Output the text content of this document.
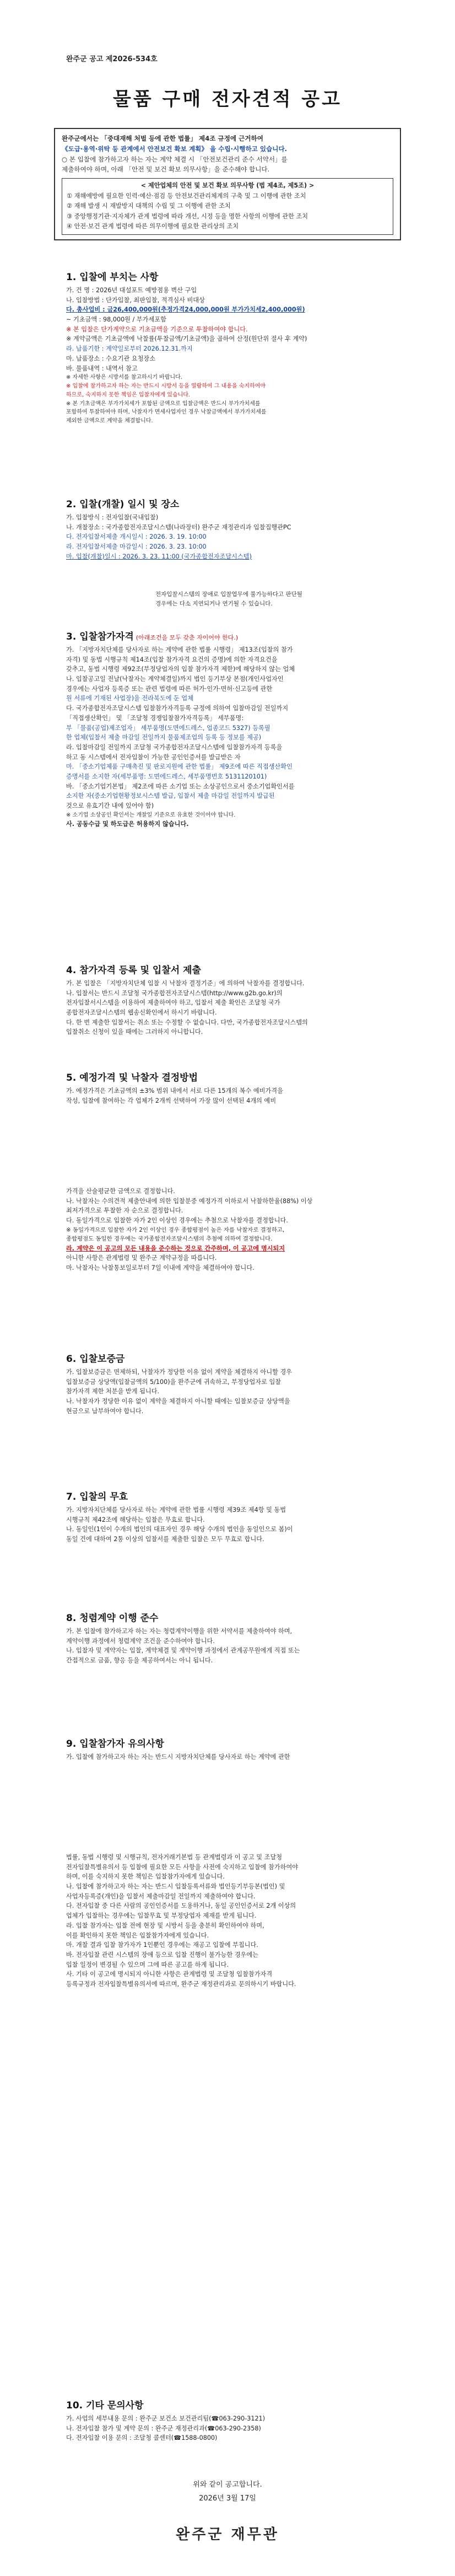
완주군 공고 제2026-534호
물품 구매 전자견적 공고
완주군에서는 「중대재해 처벌 등에 관한 법률」 제4조 규정에 근거하여
《도급·용역·위탁 등 관계에서 안전보건 확보 계획》 을 수립·시행하고 있습니다.
○ 본 입찰에 참가하고자 하는 자는 계약 체결 시 「안전보건관리 준수 서약서」를
제출하여야 하며, 아래 「안전 및 보건 확보 의무사항」을 준수해야 합니다.
< 제안업체의 안전 및 보건 확보 의무사항 (법 제4조, 제5조) >
① 재해예방에 필요한 인력·예산·점검 등 안전보건관리체계의 구축 및 그 이행에 관한 조치
② 재해 발생 시 재발방지 대책의 수립 및 그 이행에 관한 조치
③ 중앙행정기관·지자체가 관계 법령에 따라 개선, 시정 등을 명한 사항의 이행에 관한 조치
④ 안전·보건 관계 법령에 따른 의무이행에 필요한 관리상의 조치
1. 입찰에 부치는 사항

가. 건 명 : 2026년 대설포트 예방점용 벽산 구입

나. 입찰방법 : 단가입찰, 최판입찰, 적격심사 비대상

다. 총사업비 : 금26,400,000원(추정가격24,000,000원 부가가치세2,400,000원)

~ 기초금액 : 98,000원 / 부가세포함

※ 본 입찰은 단가계약으로 기초금액을 기준으로 투찰하여야 합니다.

※ 계약금액은 기초금액에 낙찰률(투찰금액/기초금액)을 곱하여 산정(원단위 절사 후 계약)

라. 납품기한 : 계약일로부터 2026.12.31.까지

마. 납품장소 : 수요기관 요청장소

바. 물품내역 : 내역서 참고

※ 자세한 사항은 시방서를 참고하시기 바랍니다.

※ 입찰에 참가하고자 하는 자는 반드시 시방서 등을 열람하여 그 내용을 숙지하여야

하므로, 숙지하지 못한 책임은 입찰자에게 있습니다.

※ 본 기초금액은 부가가치세가 포함된 금액으로 입찰금액은 반드시 부가가치세를

포함하여 투찰하여야 하며, 낙찰자가 면세사업자인 경우 낙찰금액에서 부가가치세를

제외한 금액으로 계약을 체결합니다.

2. 입찰(개찰) 일시 및 장소

가. 입찰방식 : 전자입찰(국내입찰)

나. 개찰장소 : 국가종합전자조달시스템(나라장터) 완주군 재정관리과 입찰집행관PC

다. 전자입찰서제출 개시일시 : 2026. 3. 19. 10:00

라. 전자입찰서제출 마감일시 : 2026. 3. 23. 10:00

마. 입찰(개찰)일시 : 2026. 3. 23. 11:00 (국가종합전자조달시스템)

전자입찰시스템의 장애로 입찰업무에 불가능하다고 판단될

경우에는 다소 지연되거나 연기될 수 있습니다.

3. 입찰참가자격 (아래조건을 모두 갖춘 자이어야 한다.)

가. 「지방자치단체를 당사자로 하는 계약에 관한 법률 시행령」 제13조(입찰의 참가

자격) 및 동법 시행규칙 제14조(입찰 참가자격 요건의 증명)에 의한 자격요건을

갖추고, 동법 시행령 제92조(부정당업자의 입찰 참가자격 제한)에 해당하지 않는 업체

나. 입찰공고일 전날(낙찰자는 계약체결일)까지 법인 등기부상 본점(개인사업자인

경우에는 사업자 등록증 또는 관련 법령에 따른 허가·인가·면허·신고등에 관한

원 서류에 기재된 사업장)을 전라북도에 둔 업체

다. 국가종합전자조달시스템 입찰참가자격등록 규정에 의하여 입찰마감일 전일까지

「직접생산확인」 및 「조달청 경쟁입찰참가자격등록」 세부품명:

부 「물품(공업)제조업자」 세부품명(도면에드레스, 업종코드 5327) 등록필

한 업체(입찰서 제출 마감일 전일까지 물품제조업의 등록 등 정보를 제공)

라. 입찰마감일 전일까지 조달청 국가종합전자조달시스템에 입찰참가자격 등록을

하고 동 시스템에서 전자입찰이 가능한 공인인증서를 발급받은 자

마. 「중소기업제품 구매촉진 및 판로지원에 관한 법률」 제9조에 따른 직접생산확인

증명서를 소지한 자(세부품명: 도면에드레스, 세부품명번호 5131120101)

바. 「중소기업기본법」 제2조에 따른 소기업 또는 소상공인으로서 중소기업확인서를

소지한 자(중소기업현황정보시스템 발급, 입찰서 제출 마감일 전일까지 발급된

것으로 유효기간 내에 있어야 함)

※ 소기업 소상공인 확인서는 개찰일 기준으로 유효한 것이어야 합니다.

사. 공동수급 및 하도급은 허용하지 않습니다.

4. 참가자격 등록 및 입찰서 제출

가. 본 입찰은 「지방자치단체 입찰 시 낙찰자 결정기준」에 의하여 낙찰자를 결정합니다.

나. 입찰서는 반드시 조달청 국가종합전자조달시스템(http://www.g2b.go.kr)의

전자입찰서시스템을 이용하여 제출하여야 하고, 입찰서 제출 확인은 조달청 국가

종합전자조달시스템의 웹송신확인에서 하시기 바랍니다.

다. 한 번 제출한 입찰서는 취소 또는 수정할 수 없습니다. 다만, 국가종합전자조달시스템의

입찰취소 신청이 있을 때에는 그러하지 아니합니다.

5. 예정가격 및 낙찰자 결정방법

가. 예정가격은 기초금액의 ±3% 범위 내에서 서로 다른 15개의 복수 예비가격을

작성, 입찰에 참여하는 각 업체가 2개씩 선택하여 가장 많이 선택된 4개의 예비

가격을 산술평균한 금액으로 결정합니다.

나. 낙찰자는 수의견적 제출안내에 의한 입찰분중 예정가격 이하로서 낙찰하한율(88%) 이상

최저가격으로 투찰한 자 순으로 결정합니다.

다. 동일가격으로 입찰한 자가 2인 이상인 경우에는 추첨으로 낙찰자를 결정합니다.

※ 동일가격으로 입찰한 자가 2인 이상인 경우 종합평점이 높은 자를 낙찰자로 결정하고,

종합평점도 동일한 경우에는 국가종합전자조달시스템의 추첨에 의하여 결정합니다.

라. 계약은 이 공고의 모든 내용을 준수하는 것으로 간주하며, 이 공고에 명시되지

아니한 사항은 관계법령 및 완주군 계약규정을 따릅니다.

마. 낙찰자는 낙찰통보일로부터 7일 이내에 계약을 체결하여야 합니다.

6. 입찰보증금

가. 입찰보증금은 면제하되, 낙찰자가 정당한 이유 없이 계약을 체결하지 아니할 경우

입찰보증금 상당액(입찰금액의 5/100)을 완주군에 귀속하고, 부정당업자로 입찰

참가자격 제한 처분을 받게 됩니다.

나. 낙찰자가 정당한 이유 없이 계약을 체결하지 아니할 때에는 입찰보증금 상당액을

현금으로 납부하여야 합니다.

7. 입찰의 무효

가. 지방자치단체를 당사자로 하는 계약에 관한 법률 시행령 제39조 제4항 및 동법

시행규칙 제42조에 해당하는 입찰은 무효로 합니다.

나. 동일인(1인이 수개의 법인의 대표자인 경우 해당 수개의 법인을 동일인으로 봄)이

동일 건에 대하여 2통 이상의 입찰서를 제출한 입찰은 모두 무효로 합니다.

8. 청렴계약 이행 준수

가. 본 입찰에 참가하고자 하는 자는 청렴계약이행을 위한 서약서를 제출하여야 하며,

계약이행 과정에서 청렴계약 조건을 준수하여야 합니다.

나. 입찰자 및 계약자는 입찰, 계약체결 및 계약이행 과정에서 관계공무원에게 직접 또는

간접적으로 금품, 향응 등을 제공하여서는 아니 됩니다.

9. 입찰참가자 유의사항

가. 입찰에 참가하고자 하는 자는 반드시 지방자치단체를 당사자로 하는 계약에 관한

법률, 동법 시행령 및 시행규칙, 전자거래기본법 등 관계법령과 이 공고 및 조달청

전자입찰특별유의서 등 입찰에 필요한 모든 사항을 사전에 숙지하고 입찰에 참가하여야

하며, 이를 숙지하지 못한 책임은 입찰참가자에게 있습니다.

나. 입찰에 참가하고자 하는 자는 반드시 입찰등록서류와 법인등기부등본(법인) 및

사업자등록증(개인)을 입찰서 제출마감일 전일까지 제출하여야 합니다.

다. 전자입찰 중 다른 사람의 공인인증서를 도용하거나, 동일 공인인증서로 2개 이상의

업체가 입찰하는 경우에는 입찰무효 및 부정당업자 제재를 받게 됩니다.

라. 입찰 참가자는 입찰 전에 현장 및 시방서 등을 충분히 확인하여야 하며,

이를 확인하지 못한 책임은 입찰참가자에게 있습니다.

마. 개찰 결과 입찰 참가자가 1인뿐인 경우에는 재공고 입찰에 부칩니다.

바. 전자입찰 관련 시스템의 장애 등으로 입찰 진행이 불가능한 경우에는

입찰 일정이 변경될 수 있으며 그에 따른 공고를 하게 됩니다.

사. 기타 이 공고에 명시되지 아니한 사항은 관계법령 및 조달청 입찰참가자격

등록규정과 전자입찰특별유의서에 따르며, 완주군 재정관리과로 문의하시기 바랍니다.

10. 기타 문의사항

가. 사업의 세부내용 문의 : 완주군 보건소 보건관리팀(☎063-290-3121)

나. 전자입찰 참가 및 계약 문의 : 완주군 재정관리과(☎063-290-2358)

다. 전자입찰 이용 문의 : 조달청 콜센터(☎1588-0800)

위와 같이 공고합니다.
2026년 3월 17일
완주군 재무관
